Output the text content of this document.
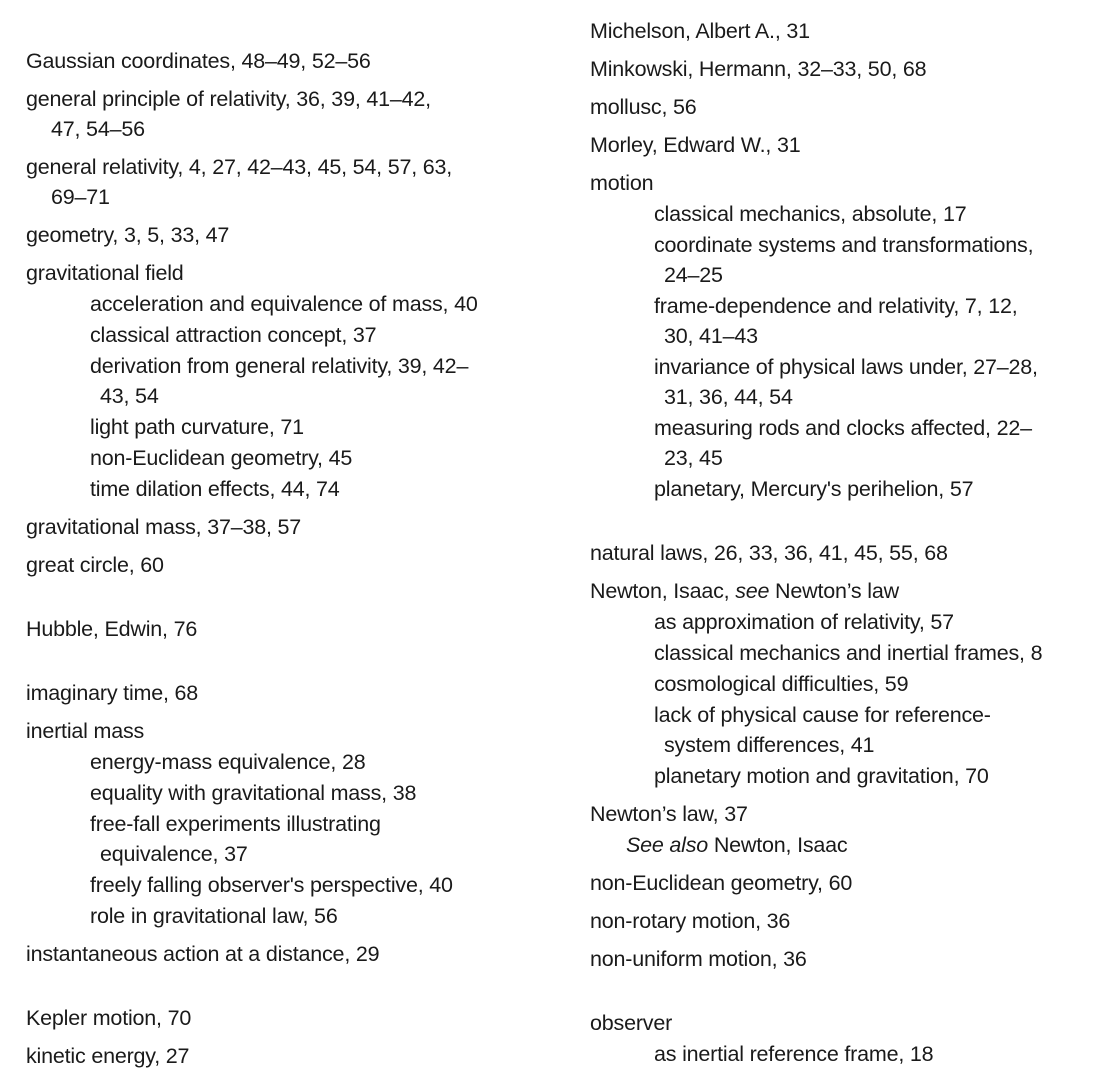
Gaussian coordinates, 48–49, 52–56
general principle of relativity, 36, 39, 41–42,
47, 54–56
general relativity, 4, 27, 42–43, 45, 54, 57, 63,
69–71
geometry, 3, 5, 33, 47
gravitational field
acceleration and equivalence of mass, 40
classical attraction concept, 37
derivation from general relativity, 39, 42–
43, 54
light path curvature, 71
non-Euclidean geometry, 45
time dilation effects, 44, 74
gravitational mass, 37–38, 57
great circle, 60
Hubble, Edwin, 76
imaginary time, 68
inertial mass
energy-mass equivalence, 28
equality with gravitational mass, 38
free-fall experiments illustrating
equivalence, 37
freely falling observer's perspective, 40
role in gravitational law, 56
instantaneous action at a distance, 29
Kepler motion, 70
kinetic energy, 27
Michelson, Albert A., 31
Minkowski, Hermann, 32–33, 50, 68
mollusc, 56
Morley, Edward W., 31
motion
classical mechanics, absolute, 17
coordinate systems and transformations,
24–25
frame-dependence and relativity, 7, 12,
30, 41–43
invariance of physical laws under, 27–28,
31, 36, 44, 54
measuring rods and clocks affected, 22–
23, 45
planetary, Mercury's perihelion, 57
natural laws, 26, 33, 36, 41, 45, 55, 68
Newton, Isaac, see Newton’s law
as approximation of relativity, 57
classical mechanics and inertial frames, 8
cosmological difficulties, 59
lack of physical cause for reference-
system differences, 41
planetary motion and gravitation, 70
Newton’s law, 37
See also Newton, Isaac
non-Euclidean geometry, 60
non-rotary motion, 36
non-uniform motion, 36
observer
as inertial reference frame, 18
